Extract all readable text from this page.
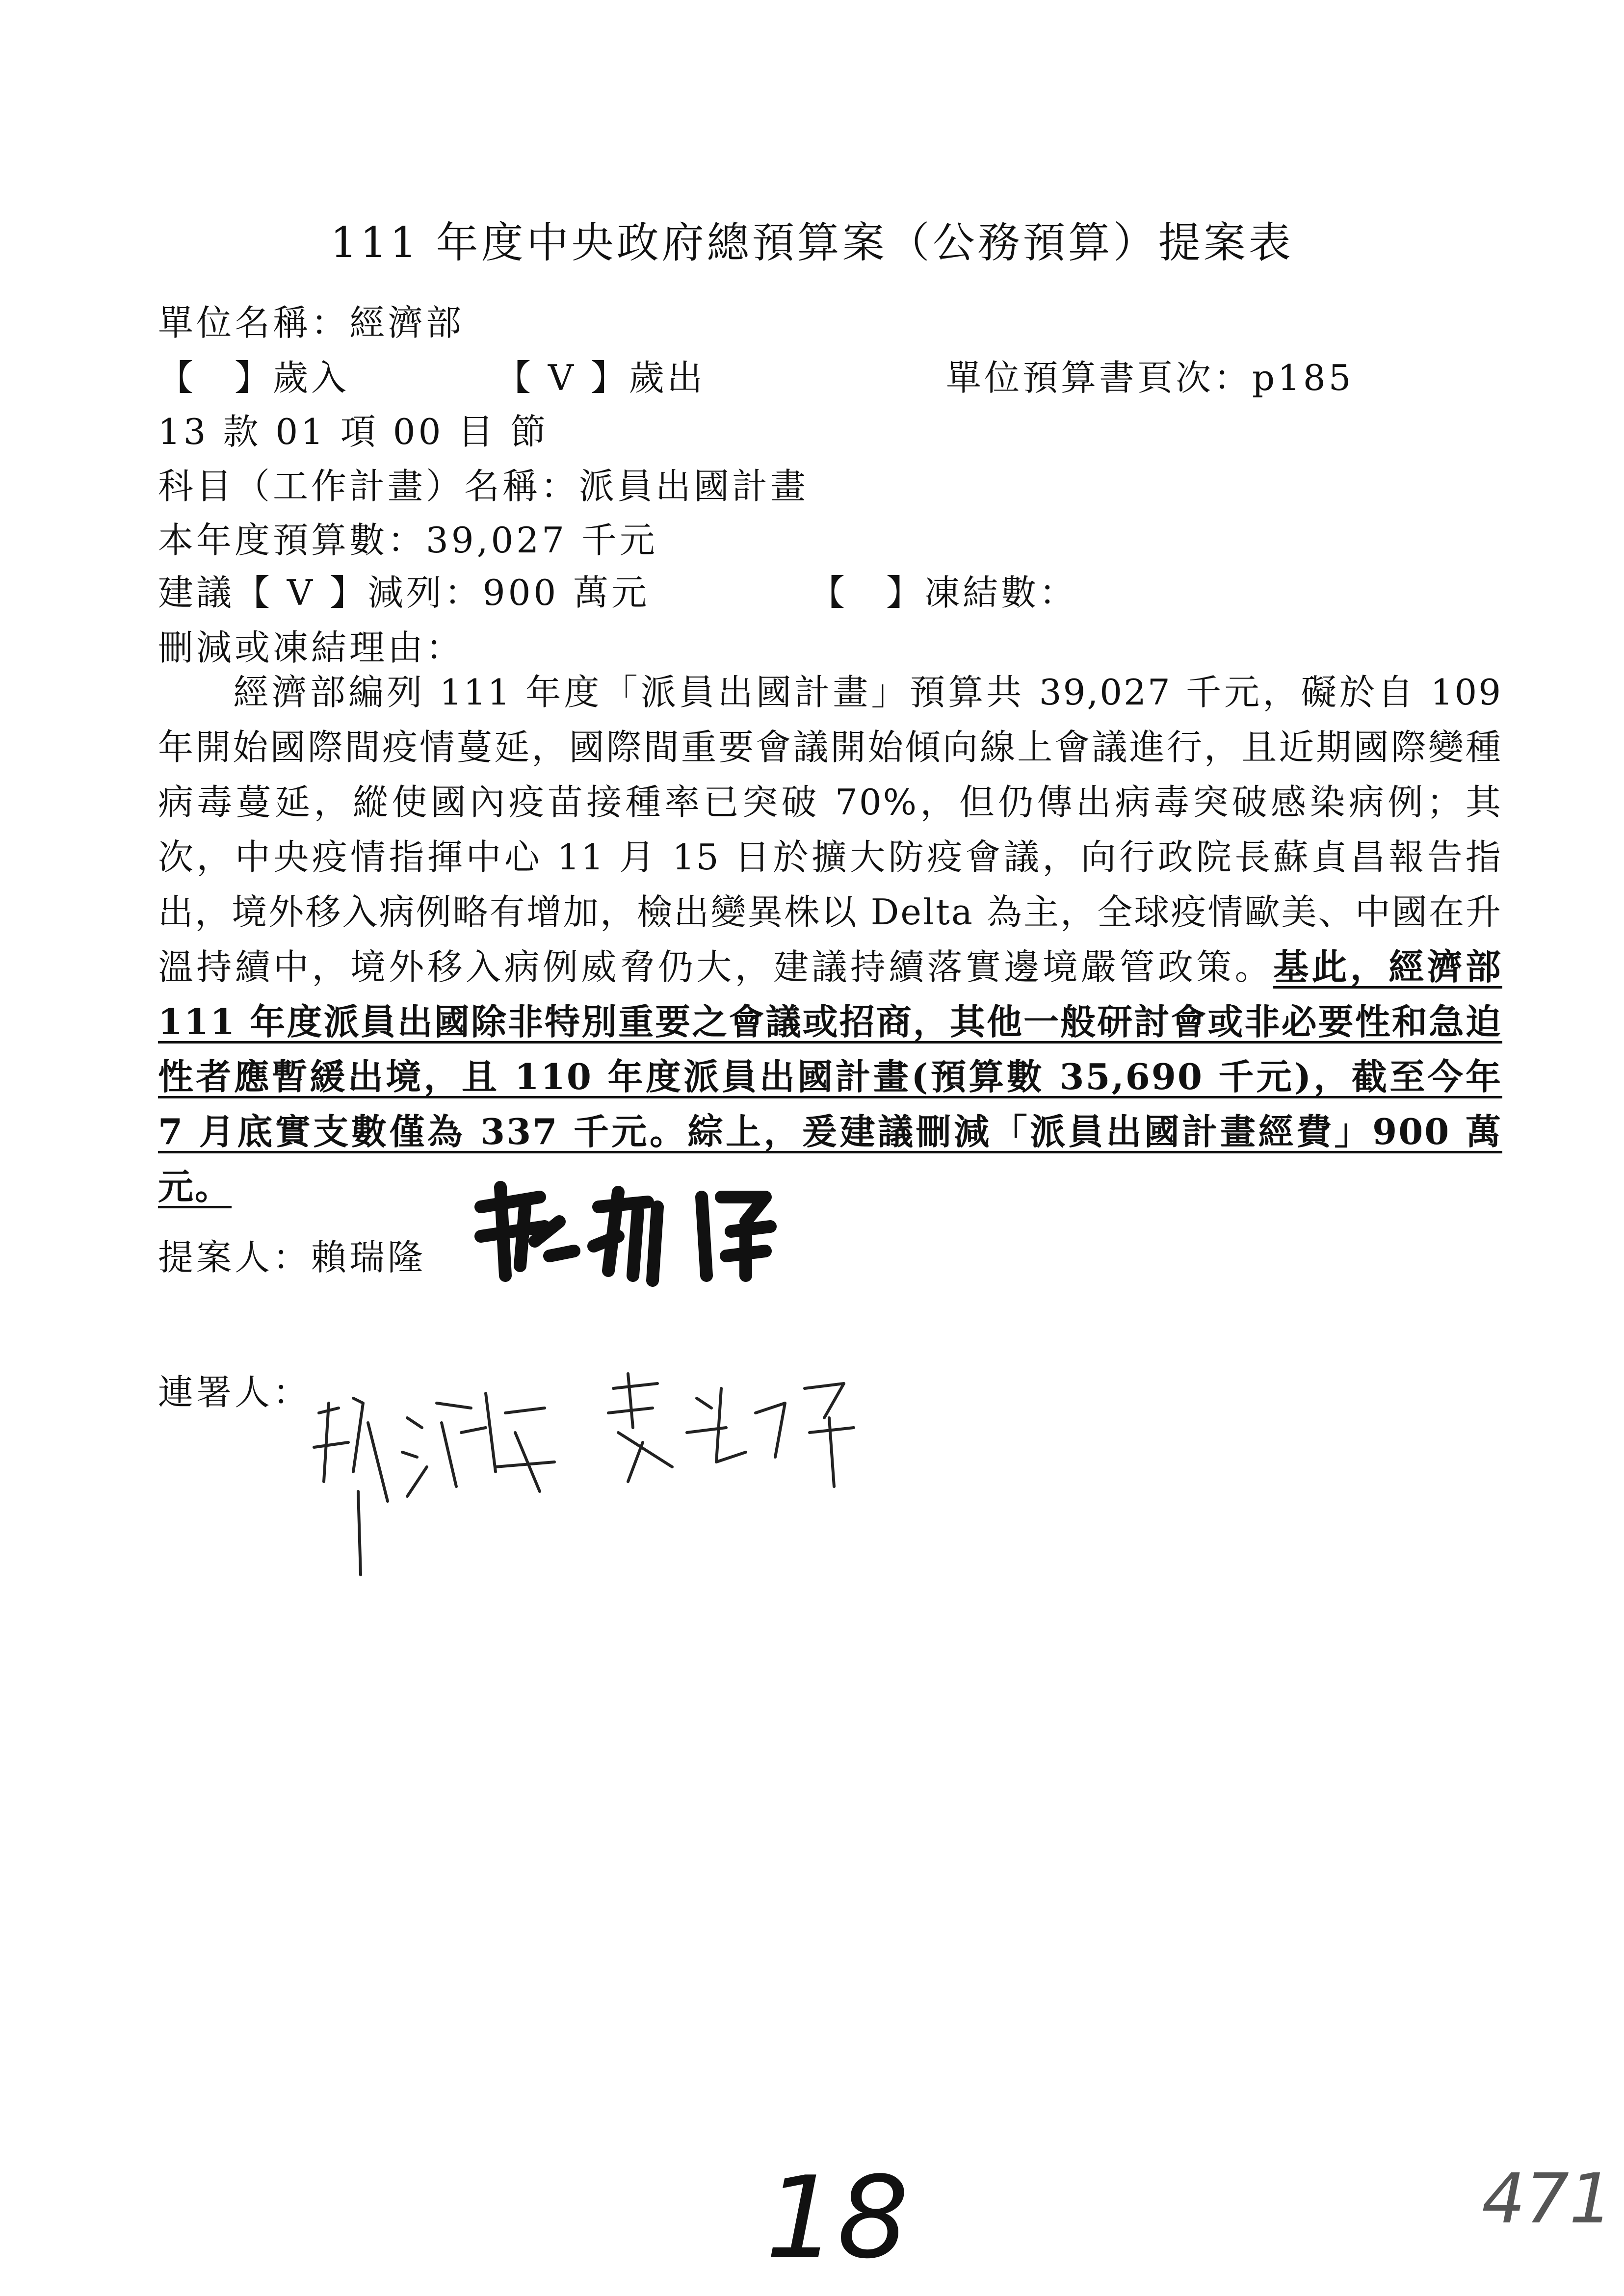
111 年度中央政府總預算案（公務預算）提案表
單位名稱：經濟部
【　】歲入	【 V 】歲出	單位預算書頁次：p185
13 款 01 項 00 目 節
科目（工作計畫）名稱：派員出國計畫
本年度預算數：39,027 千元
建議【 V 】減列：900 萬元	【　】凍結數：
刪減或凍結理由：
經濟部編列 111 年度「派員出國計畫」預算共 39,027 千元，礙於自 109 年開始國際間疫情蔓延，國際間重要會議開始傾向線上會議進行，且近期國際變種病毒蔓延，縱使國內疫苗接種率已突破 70%，但仍傳出病毒突破感染病例；其次，中央疫情指揮中心 11 月 15 日於擴大防疫會議，向行政院長蘇貞昌報告指出，境外移入病例略有增加，檢出變異株以 Delta 為主，全球疫情歐美、中國在升溫持續中，境外移入病例威脅仍大，建議持續落實邊境嚴管政策。基此，經濟部 111 年度派員出國除非特別重要之會議或招商，其他一般研討會或非必要性和急迫性者應暫緩出境，且 110 年度派員出國計畫(預算數 35,690 千元)，截至今年 7 月底實支數僅為 337 千元。綜上，爰建議刪減「派員出國計畫經費」900 萬元。
提案人：賴瑞隆
連署人：
18	471
